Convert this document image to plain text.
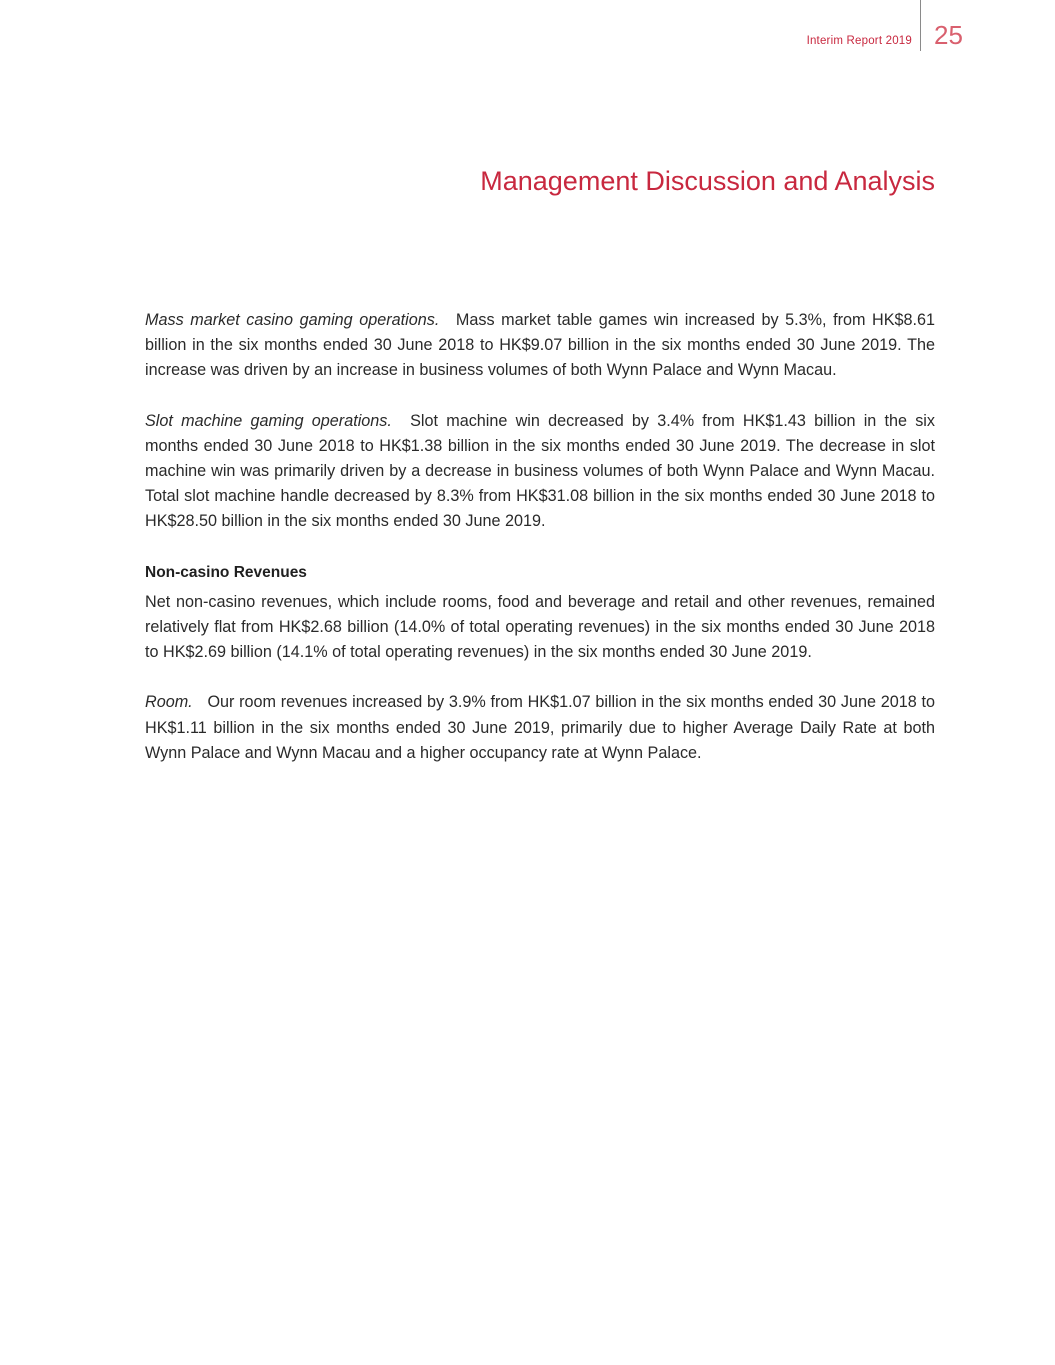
Interim Report 2019 25
Management Discussion and Analysis

Mass market casino gaming operations. Mass market table games win increased by 5.3%, from HK$8.61 billion in the six months ended 30 June 2018 to HK$9.07 billion in the six months ended 30 June 2019. The increase was driven by an increase in business volumes of both Wynn Palace and Wynn Macau.

Slot machine gaming operations. Slot machine win decreased by 3.4% from HK$1.43 billion in the six months ended 30 June 2018 to HK$1.38 billion in the six months ended 30 June 2019. The decrease in slot machine win was primarily driven by a decrease in business volumes of both Wynn Palace and Wynn Macau. Total slot machine handle decreased by 8.3% from HK$31.08 billion in the six months ended 30 June 2018 to HK$28.50 billion in the six months ended 30 June 2019.

Non-casino Revenues

Net non-casino revenues, which include rooms, food and beverage and retail and other revenues, remained relatively flat from HK$2.68 billion (14.0% of total operating revenues) in the six months ended 30 June 2018 to HK$2.69 billion (14.1% of total operating revenues) in the six months ended 30 June 2019.

Room. Our room revenues increased by 3.9% from HK$1.07 billion in the six months ended 30 June 2018 to HK$1.11 billion in the six months ended 30 June 2019, primarily due to higher Average Daily Rate at both Wynn Palace and Wynn Macau and a higher occupancy rate at Wynn Palace.
